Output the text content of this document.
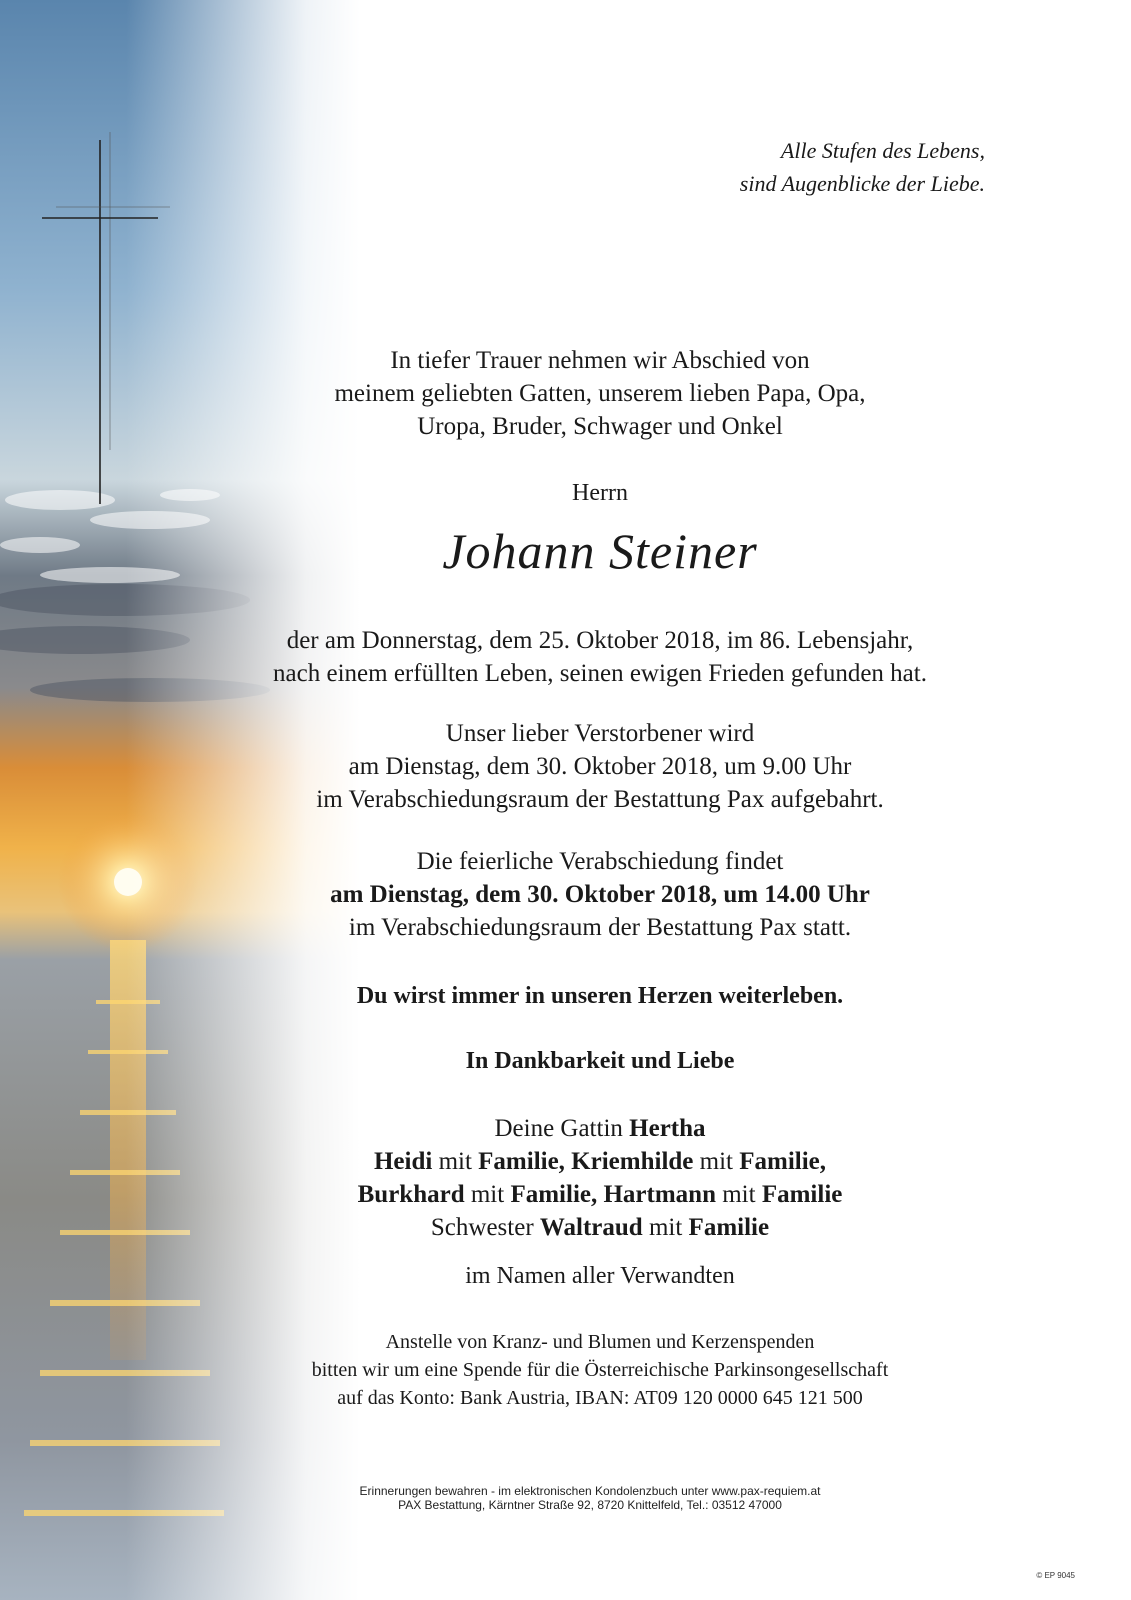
Alle Stufen des Lebens,
sind Augenblicke der Liebe.

In tiefer Trauer nehmen wir Abschied von

meinem geliebten Gatten, unserem lieben Papa, Opa,

Uropa, Bruder, Schwager und Onkel

Herrn
Johann Steiner

der am Donnerstag, dem 25. Oktober 2018, im 86. Lebensjahr,

nach einem erfüllten Leben, seinen ewigen Frieden gefunden hat.

Unser lieber Verstorbener wird

am Dienstag, dem 30. Oktober 2018, um 9.00 Uhr

im Verabschiedungsraum der Bestattung Pax aufgebahrt.

Die feierliche Verabschiedung findet

am Dienstag, dem 30. Oktober 2018, um 14.00 Uhr

im Verabschiedungsraum der Bestattung Pax statt.

Du wirst immer in unseren Herzen weiterleben.
In Dankbarkeit und Liebe

Deine Gattin Hertha

Heidi mit Familie, Kriemhilde mit Familie,

Burkhard mit Familie, Hartmann mit Familie

Schwester Waltraud mit Familie

im Namen aller Verwandten

Anstelle von Kranz- und Blumen und Kerzenspenden

bitten wir um eine Spende für die Österreichische Parkinsongesellschaft

auf das Konto: Bank Austria, IBAN: AT09 120 0000 645 121 500

Erinnerungen bewahren - im elektronischen Kondolenzbuch unter www.pax-requiem.at
PAX Bestattung, Kärntner Straße 92, 8720 Knittelfeld, Tel.: 03512 47000
© EP 9045
